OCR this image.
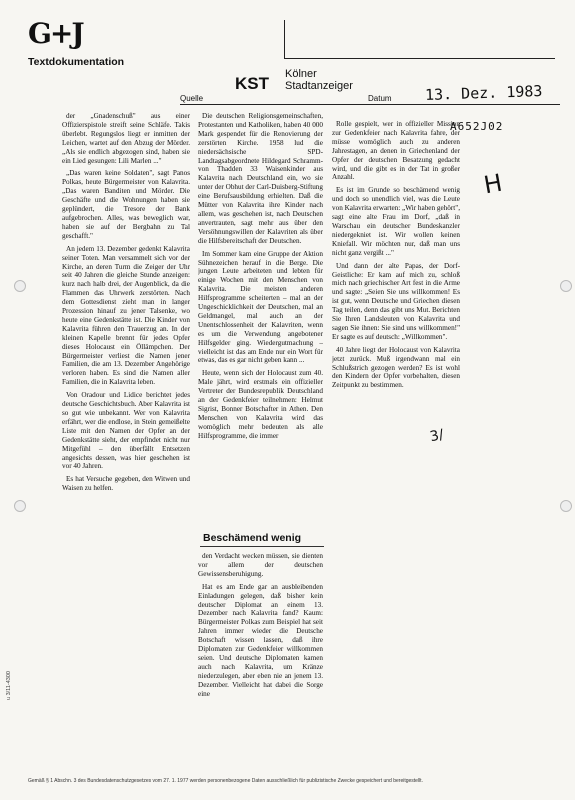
G+J
Textdokumentation
KST Kölner
Stadtanzeiger
Quelle	Datum 13. Dez. 1983
A652J02
H

der „Gnadenschuß" aus einer Offizierspistole streift seine Schläfe. Takis überlebt. Regungslos liegt er inmitten der Leichen, wartet auf den Abzug der Mörder. „Als sie endlich abgezogen sind, haben sie ein Lied gesungen: Lili Marlen ..."

„Das waren keine Soldaten", sagt Panos Polkas, heute Bürgermeister von Kalavrita. „Das waren Banditen und Mörder. Die Geschäfte und die Wohnungen haben sie geplündert, die Tresore der Bank aufgebrochen. Alles, was beweglich war, haben sie auf der Bergbahn zu Tal geschafft."

An jedem 13. Dezember gedenkt Kalavrita seiner Toten. Man versammelt sich vor der Kirche, an deren Turm die Zeiger der Uhr seit 40 Jahren die gleiche Stunde anzeigen: kurz nach halb drei, der Augenblick, da die Flammen das Uhrwerk zerstörten. Nach dem Gottesdienst zieht man in langer Prozession hinauf zu jener Talsenke, wo heute eine Gedenkstätte ist. Die Kinder von Kalavrita führen den Trauerzug an. In der kleinen Kapelle brennt für jedes Opfer dieses Holocaust ein Öllämpchen. Der Bürgermeister verliest die Namen jener Familien, die am 13. Dezember Angehörige verloren haben. Es sind die Namen aller Familien, die in Kalavrita leben.

Von Oradour und Lidice berichtet jedes deutsche Geschichtsbuch. Aber Kalavrita ist so gut wie unbekannt. Wer von Kalavrita erfährt, wer die endlose, in Stein gemeißelte Liste mit den Namen der Opfer an der Gedenkstätte sieht, der empfindet nicht nur Mitgefühl – den überfällt Entsetzen angesichts dessen, was hier geschehen ist vor 40 Jahren.

Es hat Versuche gegeben, den Witwen und Waisen zu helfen.

Die deutschen Religionsgemeinschaften, Protestanten und Katholiken, haben 40 000 Mark gespendet für die Renovierung der zerstörten Kirche. 1958 lud die niedersächsische SPD-Landtagsabgeordnete Hildegard Schramm-von Thadden 33 Waisenkinder aus Kalavrita nach Deutschland ein, wo sie unter der Obhut der Carl-Duisberg-Stiftung eine Berufsausbildung erhielten. Daß die Mütter von Kalavrita ihre Kinder nach allem, was geschehen ist, nach Deutschen anvertrauten, sagt mehr aus über den Versöhnungswillen der Kalavriten als über die Hilfsbereitschaft der Deutschen.

Im Sommer kam eine Gruppe der Aktion Sühnezeichen herauf in die Berge. Die jungen Leute arbeiteten und lebten für einige Wochen mit den Menschen von Kalavrita. Die meisten anderen Hilfsprogramme scheiterten – mal an der Ungeschicklichkeit der Deutschen, mal an Geldmangel, mal auch an der Unentschlossenheit der Kalavriten, wenn es um die Verwendung angebotener Hilfsgelder ging. Wiedergutmachung – vielleicht ist das am Ende nur ein Wort für etwas, das es gar nicht geben kann ...

Heute, wenn sich der Holocaust zum 40. Male jährt, wird erstmals ein offizieller Vertreter der Bundesrepublik Deutschland an der Gedenkfeier teilnehmen: Helmut Sigrist, Bonner Botschafter in Athen. Den Menschen von Kalavrita wird das womöglich mehr bedeuten als alle Hilfsprogramme, die immer

Beschämend wenig

den Verdacht wecken müssen, sie dienten vor allem der deutschen Gewissensberuhigung.

Hat es am Ende gar an ausbleibenden Einladungen gelegen, daß bisher kein deutscher Diplomat an einem 13. Dezember nach Kalavrita fand? Kaum: Bürgermeister Polkas zum Beispiel hat seit Jahren immer wieder die Deutsche Botschaft wissen lassen, daß ihre Diplomaten zur Gedenkfeier willkommen seien. Und deutsche Diplomaten kamen auch nach Kalavrita, um Kränze niederzulegen, aber eben nie an jenem 13. Dezember. Vielleicht hat dabei die Sorge eine

Rolle gespielt, wer in offizieller Mission zur Gedenkfeier nach Kalavrita fahre, der müsse womöglich auch zu anderen Jahrestagen, an denen in Griechenland der Opfer der deutschen Besatzung gedacht wird, und die gibt es in der Tat in großer Anzahl.

Es ist im Grunde so beschämend wenig und doch so unendlich viel, was die Leute von Kalavrita erwarten: „Wir haben gehört", sagt eine alte Frau im Dorf, „daß in Warschau ein deutscher Bundeskanzler niedergekniet ist. Wir wollen keinen Kniefall. Wir möchten nur, daß man uns nicht ganz vergißt ..."

Und dann der alte Papas, der Dorf-Geistliche: Er kam auf mich zu, schloß mich nach griechischer Art fest in die Arme und sagte: „Seien Sie uns willkommen! Es ist gut, wenn Deutsche und Griechen diesen Tag teilen, denn das gibt uns Mut. Berichten Sie Ihren Landsleuten von Kalavrita und sagen Sie ihnen: Sie sind uns willkommen!" Er sagte es auf deutsch: „Willkommen".

40 Jahre liegt der Holocaust von Kalavrita jetzt zurück. Muß irgendwann mal ein Schlußstrich gezogen werden? Es ist wohl den Kindern der Opfer vorbehalten, diesen Zeitpunkt zu bestimmen.

3/
Gemäß § 1 Abschn. 3 des Bundesdatenschutzgesetzes vom 27. 1. 1977 werden personenbezogene Daten ausschließlich für publizistische Zwecke gespeichert und bereitgestellt.
u 3/11-4300
